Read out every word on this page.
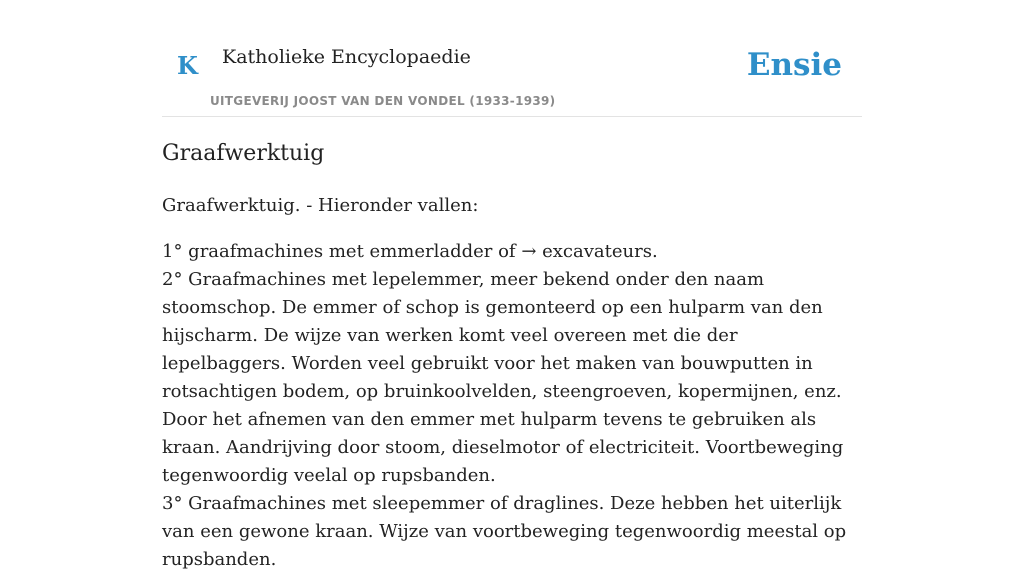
K Katholieke Encyclopaedie
UITGEVERIJ JOOST VAN DEN VONDEL (1933-1939)
Ensie
Graafwerktuig

Graafwerktuig. - Hieronder vallen:

1° graafmachines met emmerladder of → excavateurs.
2° Graafmachines met lepelemmer, meer bekend onder den naam stoomschop. De emmer of schop is gemonteerd op een hulparm van den hijscharm. De wijze van werken komt veel overeen met die der lepelbaggers. Worden veel gebruikt voor het maken van bouwputten in rotsachtigen bodem, op bruinkoolvelden, steengroeven, kopermijnen, enz. Door het afnemen van den emmer met hulparm tevens te gebruiken als kraan. Aandrijving door stoom, dieselmotor of electriciteit. Voortbeweging tegenwoordig veelal op rupsbanden.
3° Graafmachines met sleepemmer of draglines. Deze hebben het uiterlijk van een gewone kraan. Wijze van voortbeweging tegenwoordig meestal op rupsbanden.
